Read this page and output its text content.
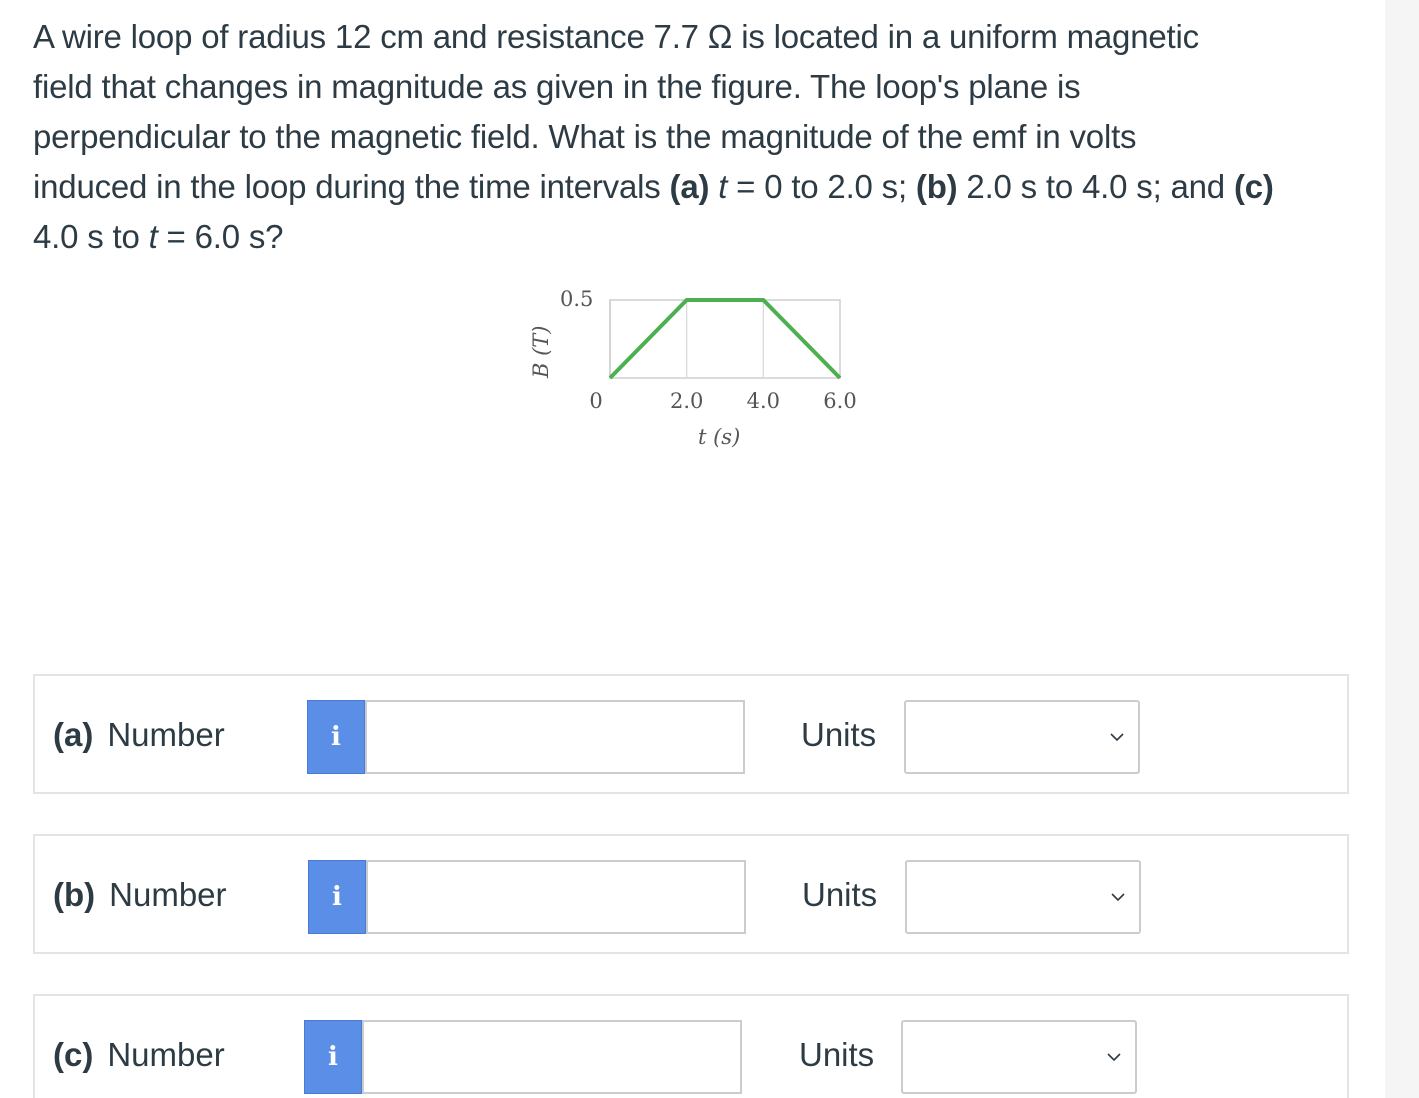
A wire loop of radius 12 cm and resistance 7.7 Ω is located in a uniform magnetic
field that changes in magnitude as given in the figure. The loop's plane is
perpendicular to the magnetic field. What is the magnitude of the emf in volts
induced in the loop during the time intervals (a) t = 0 to 2.0 s; (b) 2.0 s to 4.0 s; and (c)
4.0 s to t = 6.0 s?
0.5
0	2.0 4.0 6.0
t (s)
B (T)
(a) Number	i	Units
(b) Number	i	Units
(c) Number	i	Units
